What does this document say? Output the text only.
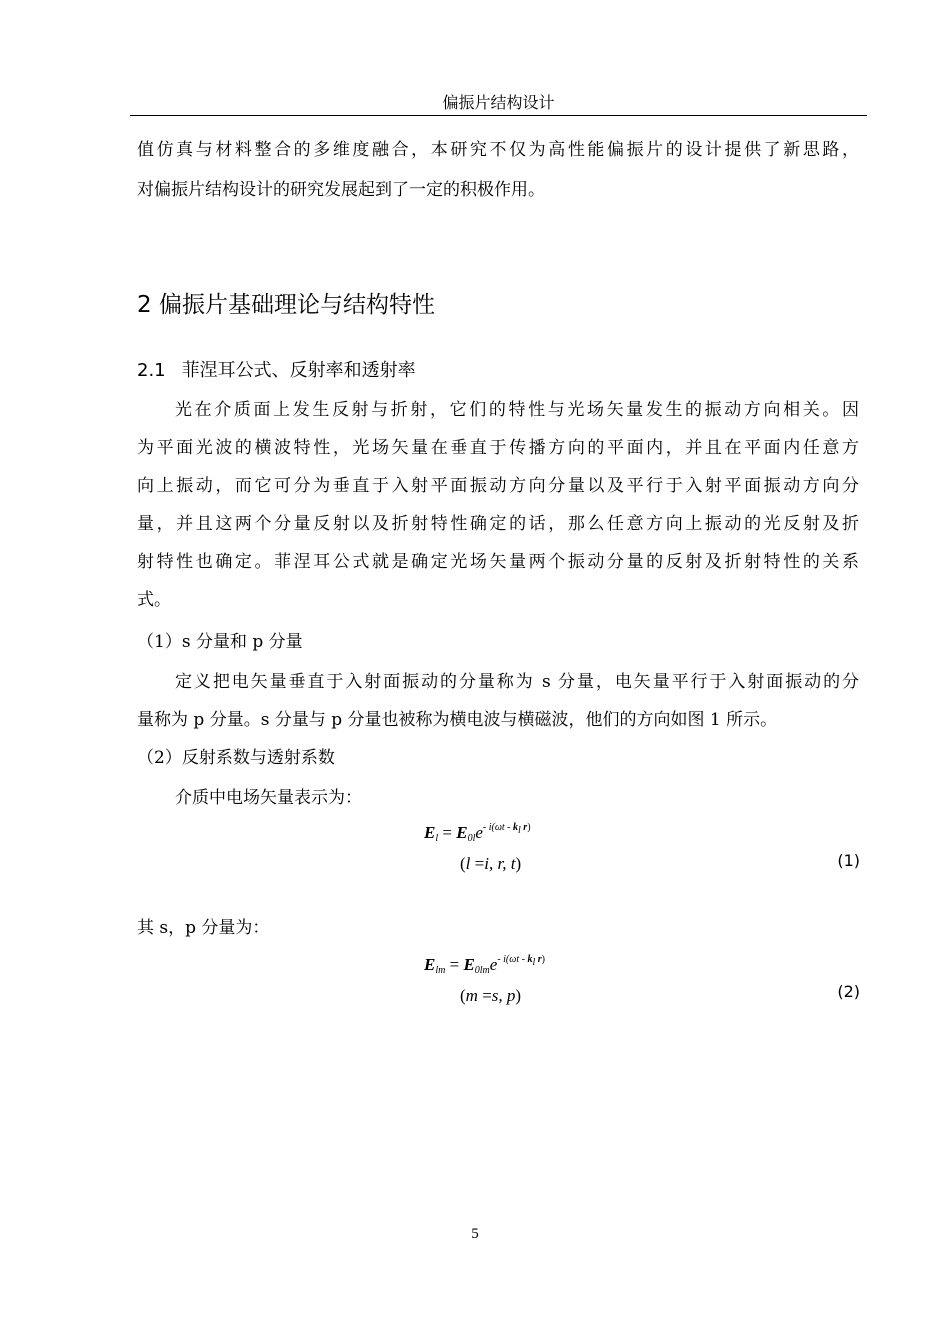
偏振片结构设计
值仿真与材料整合的多维度融合，本研究不仅为高性能偏振片的设计提供了新思路，
对偏振片结构设计的研究发展起到了一定的积极作用。
2 偏振片基础理论与结构特性
2.1 菲涅耳公式、反射率和透射率
光在介质面上发生反射与折射，它们的特性与光场矢量发生的振动方向相关。因
为平面光波的横波特性，光场矢量在垂直于传播方向的平面内，并且在平面内任意方
向上振动，而它可分为垂直于入射平面振动方向分量以及平行于入射平面振动方向分
量，并且这两个分量反射以及折射特性确定的话，那么任意方向上振动的光反射及折
射特性也确定。菲涅耳公式就是确定光场矢量两个振动分量的反射及折射特性的关系
式。
（1）s 分量和 p 分量
定义把电矢量垂直于入射面振动的分量称为 s 分量，电矢量平行于入射面振动的分
量称为 p 分量。s 分量与 p 分量也被称为横电波与横磁波，他们的方向如图 1 所示。
（2）反射系数与透射系数
介质中电场矢量表示为：
$E_l = E_{0l}e^{- i(\omega t - k_l r)}$
(l =i, r, t)	(1)
其 s，p 分量为：
$E_{lm} = E_{0lm}e^{- i(\omega t - k_l r)}$
(m =s, p)	(2)
5
